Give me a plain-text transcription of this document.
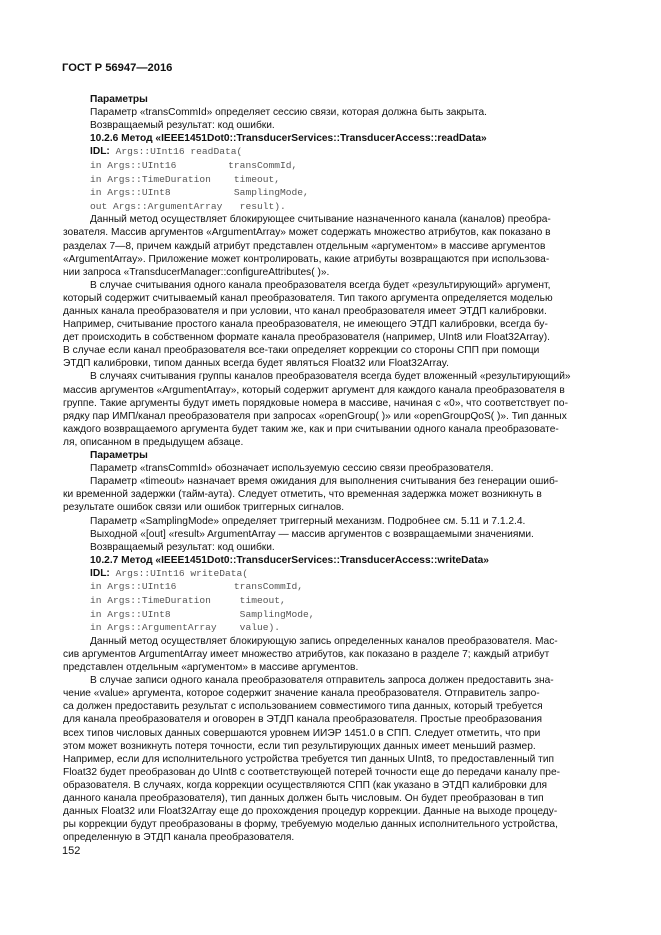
ГОСТ Р 56947—2016

Параметры

Параметр «transCommId» определяет сессию связи, которая должна быть закрыта.

Возвращаемый результат: код ошибки.

10.2.6 Метод «IEEE1451Dot0::TransducerServices::TransducerAccess::readData»

IDL: Args::UInt16 readData(
in Args::UInt16         transCommId,
in Args::TimeDuration    timeout,
in Args::UInt8           SamplingMode,
out Args::ArgumentArray   result).

Данный метод осуществляет блокирующее считывание назначенного канала (каналов) преобра-

зователя. Массив аргументов «ArgumentArray» может содержать множество атрибутов, как показано в

разделах 7—8, причем каждый атрибут представлен отдельным «аргументом» в массиве аргументов

«ArgumentArray». Приложение может контролировать, какие атрибуты возвращаются при использова-

нии запроса «TransducerManager::configureAttributes( )».

В случае считывания одного канала преобразователя всегда будет «результирующий» аргумент,

который содержит считываемый канал преобразователя. Тип такого аргумента определяется моделью

данных канала преобразователя и при условии, что канал преобразователя имеет ЭТДП калибровки.

Например, считывание простого канала преобразователя, не имеющего ЭТДП калибровки, всегда бу-

дет происходить в собственном формате канала преобразователя (например, UInt8 или Float32Array).

В случае если канал преобразователя все-таки определяет коррекции со стороны СПП при помощи

ЭТДП калибровки, типом данных всегда будет являться Float32 или Float32Array.

В случаях считывания группы каналов преобразователя всегда будет вложенный «результирующий»

массив аргументов «ArgumentArray», который содержит аргумент для каждого канала преобразователя в

группе. Такие аргументы будут иметь порядковые номера в массиве, начиная с «0», что соответствует по-

рядку пар ИМП/канал преобразователя при запросах «openGroup( )» или «openGroupQoS( )». Тип данных

каждого возвращаемого аргумента будет таким же, как и при считывании одного канала преобразовате-

ля, описанном в предыдущем абзаце.

Параметры

Параметр «transCommId» обозначает используемую сессию связи преобразователя.

Параметр «timeout» назначает время ожидания для выполнения считывания без генерации ошиб-

ки временной задержки (тайм-аута). Следует отметить, что временная задержка может возникнуть в

результате ошибок связи или ошибок триггерных сигналов.

Параметр «SamplingMode» определяет триггерный механизм. Подробнее см. 5.11 и 7.1.2.4.

Выходной «[out] «result» ArgumentArray — массив аргументов с возвращаемыми значениями.

Возвращаемый результат: код ошибки.

10.2.7 Метод «IEEE1451Dot0::TransducerServices::TransducerAccess::writeData»

IDL: Args::UInt16 writeData(
in Args::UInt16          transCommId,
in Args::TimeDuration     timeout,
in Args::UInt8            SamplingMode,
in Args::ArgumentArray    value).

Данный метод осуществляет блокирующую запись определенных каналов преобразователя. Мас-

сив аргументов ArgumentArray имеет множество атрибутов, как показано в разделе 7; каждый атрибут

представлен отдельным «аргументом» в массиве аргументов.

В случае записи одного канала преобразователя отправитель запроса должен предоставить зна-

чение «value» аргумента, которое содержит значение канала преобразователя. Отправитель запро-

са должен предоставить результат с использованием совместимого типа данных, который требуется

для канала преобразователя и оговорен в ЭТДП канала преобразователя. Простые преобразования

всех типов числовых данных совершаются уровнем ИИЭР 1451.0 в СПП. Следует отметить, что при

этом может возникнуть потеря точности, если тип результирующих данных имеет меньший размер.

Например, если для исполнительного устройства требуется тип данных UInt8, то предоставленный тип

Float32 будет преобразован до UInt8 с соответствующей потерей точности еще до передачи каналу пре-

образователя. В случаях, когда коррекции осуществляются СПП (как указано в ЭТДП калибровки для

данного канала преобразователя), тип данных должен быть числовым. Он будет преобразован в тип

данных Float32 или Float32Array еще до прохождения процедур коррекции. Данные на выходе процеду-

ры коррекции будут преобразованы в форму, требуемую моделью данных исполнительного устройства,

определенную в ЭТДП канала преобразователя.

152
